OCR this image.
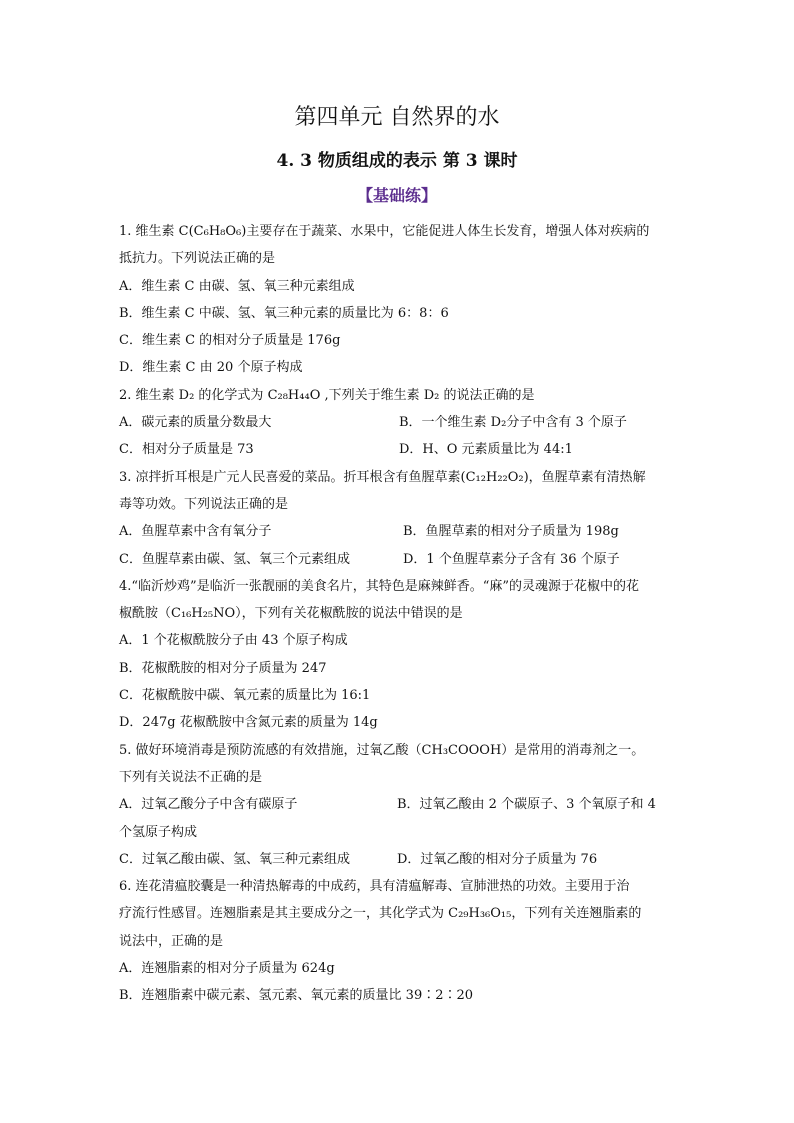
第四单元 自然界的水
4. 3 物质组成的表示 第 3 课时
【基础练】

1. 维生素 C(C₆H₈O₆)主要存在于蔬菜、水果中，它能促进人体生长发育，增强人体对疾病的

抵抗力。下列说法正确的是

A．维生素 C 由碳、氢、氧三种元素组成

B．维生素 C 中碳、氢、氧三种元素的质量比为 6：8：6

C．维生素 C 的相对分子质量是 176g

D．维生素 C 由 20 个原子构成

2. 维生素 D₂ 的化学式为 C₂₈H₄₄O ,下列关于维生素 D₂ 的说法正确的是

A．碳元素的质量分数最大	B．一个维生素 D₂分子中含有 3 个原子
C．相对分子质量是 73	D．H、O 元素质量比为 44:1

3. 凉拌折耳根是广元人民喜爱的菜品。折耳根含有鱼腥草素(C₁₂H₂₂O₂)，鱼腥草素有清热解

毒等功效。下列说法正确的是

A．鱼腥草素中含有氧分子	B．鱼腥草素的相对分子质量为 198g
C．鱼腥草素由碳、氢、氧三个元素组成	D．1 个鱼腥草素分子含有 36 个原子

4.“临沂炒鸡”是临沂一张靓丽的美食名片，其特色是麻辣鲜香。“麻”的灵魂源于花椒中的花

椒酰胺（C₁₆H₂₅NO），下列有关花椒酰胺的说法中错误的是

A．1 个花椒酰胺分子由 43 个原子构成

B．花椒酰胺的相对分子质量为 247

C．花椒酰胺中碳、氧元素的质量比为 16:1

D．247g 花椒酰胺中含氮元素的质量为 14g

5. 做好环境消毒是预防流感的有效措施，过氧乙酸（CH₃COOOH）是常用的消毒剂之一。

下列有关说法不正确的是

A．过氧乙酸分子中含有碳原子	B．过氧乙酸由 2 个碳原子、3 个氧原子和 4

个氢原子构成

C．过氧乙酸由碳、氢、氧三种元素组成	D．过氧乙酸的相对分子质量为 76

6. 连花清瘟胶囊是一种清热解毒的中成药，具有清瘟解毒、宣肺泄热的功效。主要用于治

疗流行性感冒。连翘脂素是其主要成分之一，其化学式为 C₂₉H₃₆O₁₅，下列有关连翘脂素的

说法中，正确的是

A．连翘脂素的相对分子质量为 624g

B．连翘脂素中碳元素、氢元素、氧元素的质量比 39∶2∶20
